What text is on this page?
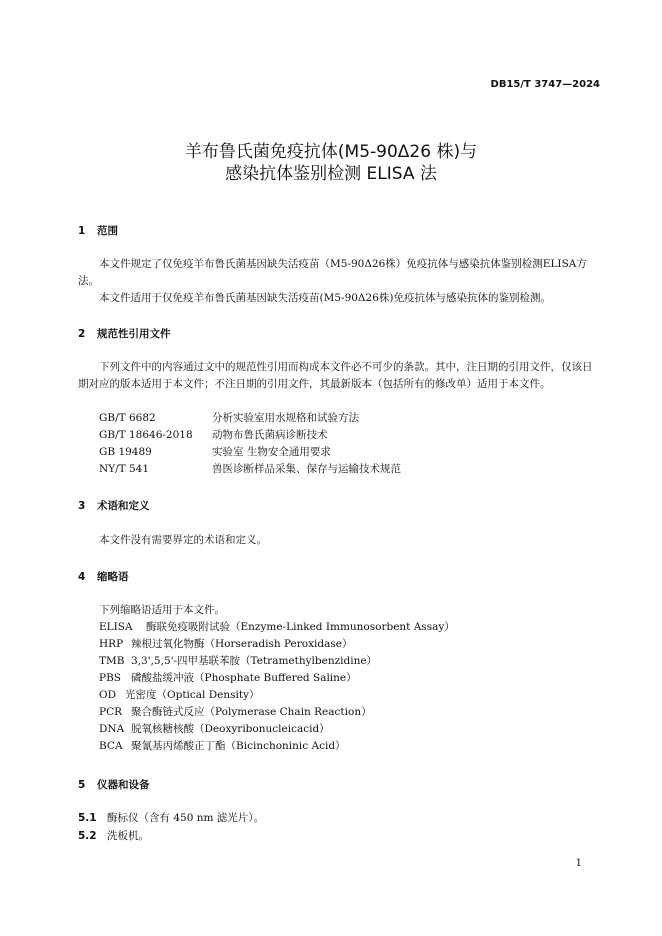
DB15/T 3747—2024
羊布鲁氏菌免疫抗体(M5-90Δ26 株)与
感染抗体鉴别检测 ELISA 法
1 范围
本文件规定了仅免疫羊布鲁氏菌基因缺失活疫苗（M5-90Δ26株）免疫抗体与感染抗体鉴别检测ELISA方法。
本文件适用于仅免疫羊布鲁氏菌基因缺失活疫苗(M5-90Δ26株)免疫抗体与感染抗体的鉴别检测。
2 规范性引用文件
下列文件中的内容通过文中的规范性引用而构成本文件必不可少的条款。其中，注日期的引用文件，仅该日期对应的版本适用于本文件；不注日期的引用文件，其最新版本（包括所有的修改单）适用于本文件。
GB/T 6682	分析实验室用水规格和试验方法
GB/T 18646-2018 动物布鲁氏菌病诊断技术
GB 19489	实验室 生物安全通用要求
NY/T 541	兽医诊断样品采集、保存与运输技术规范
3 术语和定义
本文件没有需要界定的术语和定义。
4 缩略语
下列缩略语适用于本文件。
ELISA 酶联免疫吸附试验（Enzyme-Linked Immunosorbent Assay）
HRP 辣根过氧化物酶（Horseradish Peroxidase）
TMB 3,3',5,5'-四甲基联苯胺（Tetramethylbenzidine）
PBS 磷酸盐缓冲液（Phosphate Buffered Saline）
OD 光密度（Optical Density）
PCR 聚合酶链式反应（Polymerase Chain Reaction）
DNA 脱氧核糖核酸（Deoxyribonucleicacid）
BCA 聚氰基丙烯酸正丁酯（Bicinchoninic Acid）
5 仪器和设备
5.1 酶标仪（含有 450 nm 滤光片）。
5.2 洗板机。
1
